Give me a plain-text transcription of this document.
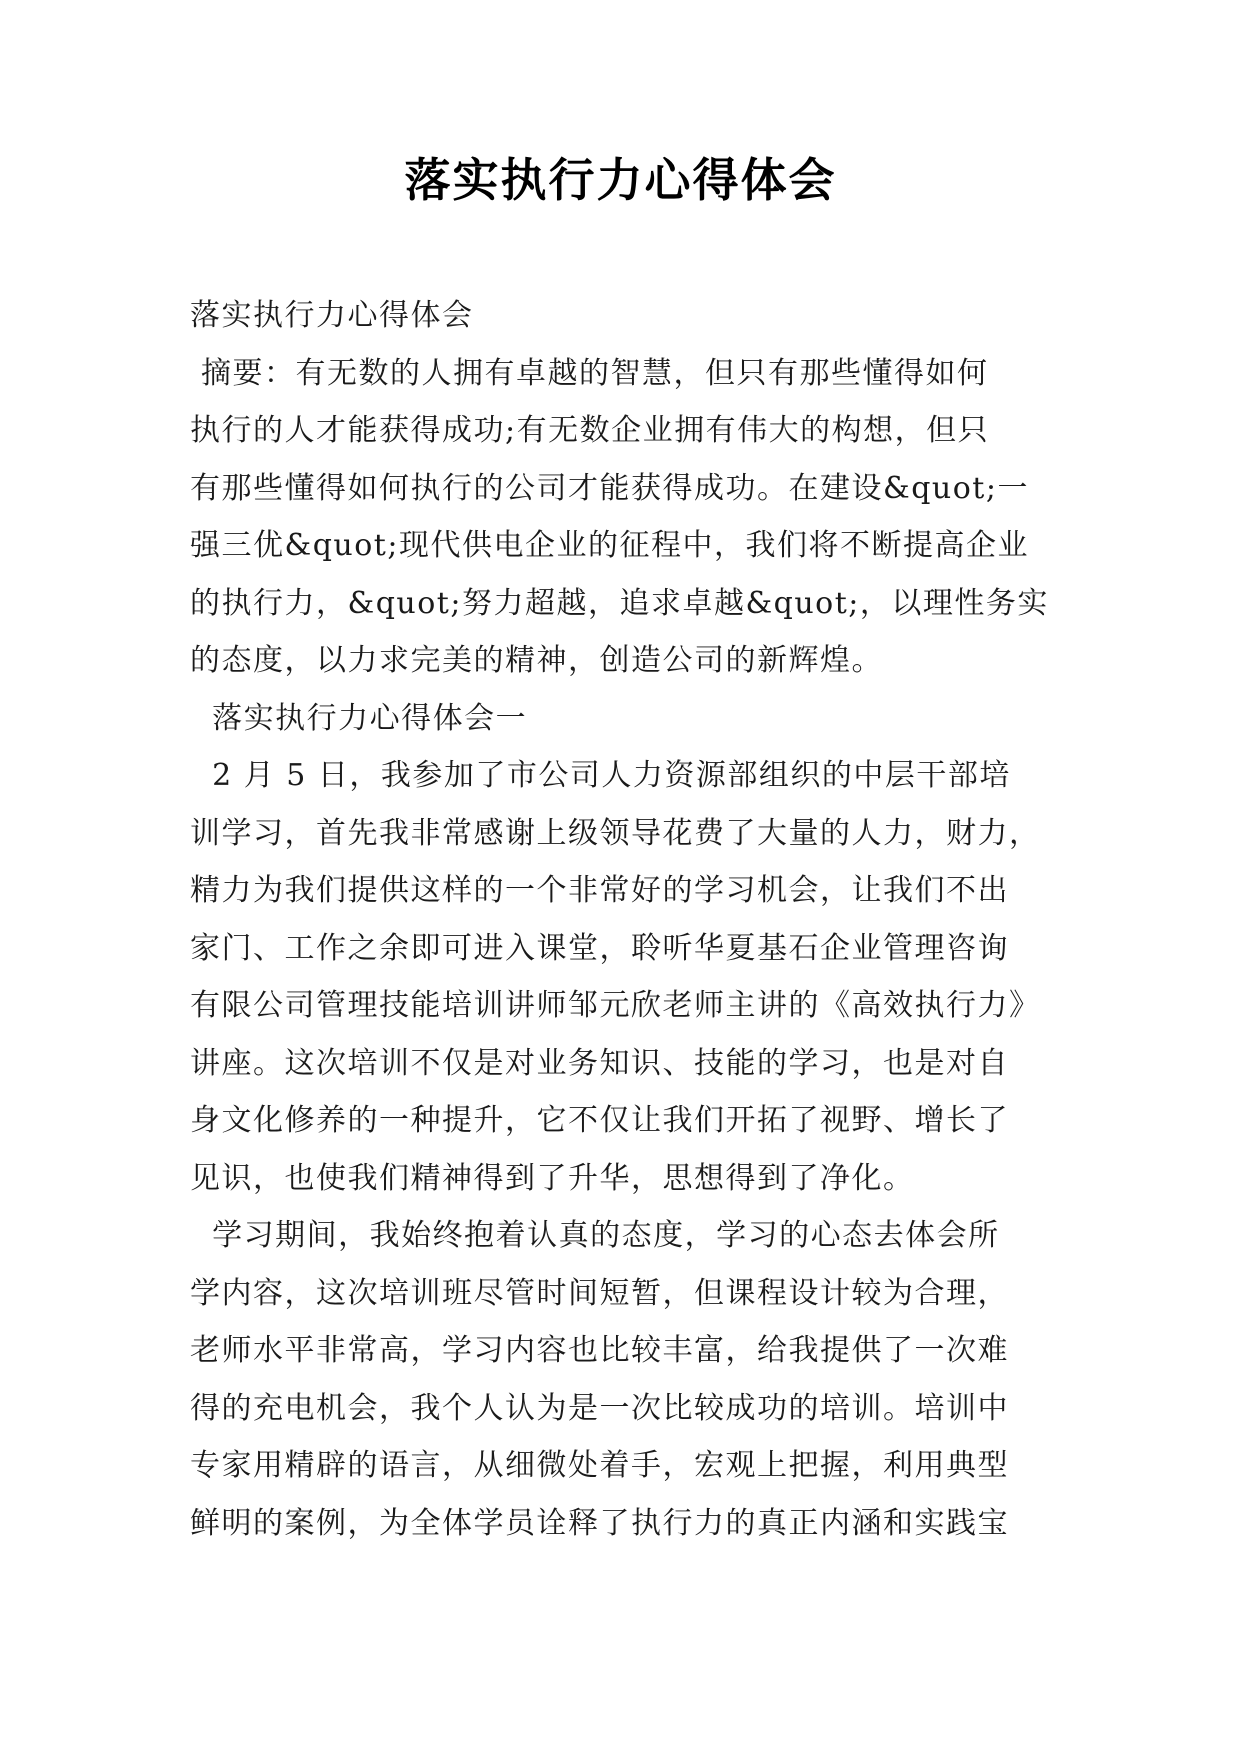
落实执行力心得体会
落实执行力心得体会
摘要：有无数的人拥有卓越的智慧，但只有那些懂得如何
执行的人才能获得成功;有无数企业拥有伟大的构想，但只
有那些懂得如何执行的公司才能获得成功。在建设&quot;一
强三优&quot;现代供电企业的征程中，我们将不断提高企业
的执行力，&quot;努力超越，追求卓越&quot;，以理性务实
的态度，以力求完美的精神，创造公司的新辉煌。
落实执行力心得体会一
2 月 5 日，我参加了市公司人力资源部组织的中层干部培
训学习，首先我非常感谢上级领导花费了大量的人力，财力，
精力为我们提供这样的一个非常好的学习机会，让我们不出
家门、工作之余即可进入课堂，聆听华夏基石企业管理咨询
有限公司管理技能培训讲师邹元欣老师主讲的《高效执行力》
讲座。这次培训不仅是对业务知识、技能的学习，也是对自
身文化修养的一种提升，它不仅让我们开拓了视野、增长了
见识，也使我们精神得到了升华，思想得到了净化。
学习期间，我始终抱着认真的态度，学习的心态去体会所
学内容，这次培训班尽管时间短暂，但课程设计较为合理，
老师水平非常高，学习内容也比较丰富，给我提供了一次难
得的充电机会，我个人认为是一次比较成功的培训。培训中
专家用精辟的语言，从细微处着手，宏观上把握，利用典型
鲜明的案例，为全体学员诠释了执行力的真正内涵和实践宝
